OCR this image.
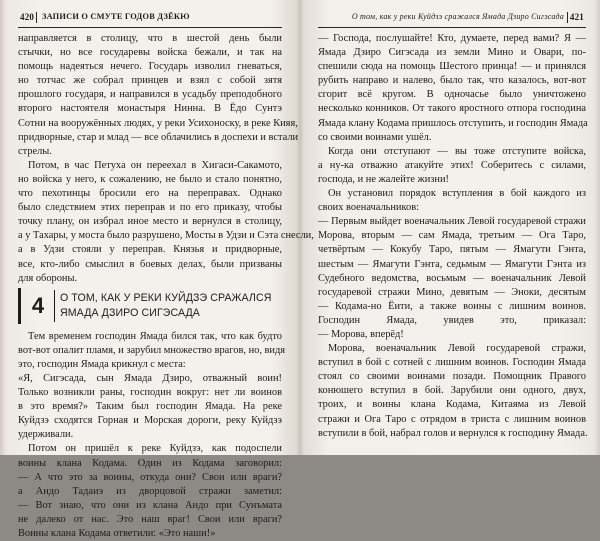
420 ЗАПИСИ О СМУТЕ ГОДОВ ДЗЁКЮ
направляется в столицу, что в шестой день были
стычки, но все государевы войска бежали, и так на
помощь надеяться нечего. Государь изволил гневаться,
но тотчас же собрал принцев и взял с собой зятя
прошлого государя, и направился в усадьбу преподобного
второго настоятеля монастыря Нинна. В Ёдо Сунтэ
Сотни на вооружённых людях, у реки Усихоноску, в реке Кияя,
придворные, стар и млад — все облачились в доспехи и встали
стрелы.
Потом, в час Петуха он переехал в Хигаси-Сакамото,
но войска у него, к сожалению, не было и стало понятно,
что пехотинцы бросили его на переправах. Однако
было следствием этих переправ и по его приказу, чтобы
точку плану, он избрал иное место и вернулся в столицу,
а у Тахары, у моста было разрушено, Мосты в Удзи и Сэта снесли,
а в Удзи стояли у переправ. Князья и придворные,
все, кто-либо смыслил в боевых делах, были призваны
для обороны.
4	О ТОМ, КАК У РЕКИ КУЙДЗЭ СРАЖАЛСЯ
ЯМАДА ДЗИРО СИГЭСАДА
Тем временем господин Ямада бился так, что как будто
вот-вот опалит пламя, и зарубил множество врагов, но, видя
это, господин Ямада крикнул с места:
«Я, Сигэсада, сын Ямада Дзиро, отважный воин!
Только возникли раны, господин вокруг: нет ли воинов
в это время?» Таким был господин Ямада. На реке
Куйдзэ сходятся Горная и Морская дороги, реку Куйдзэ
удерживали.
Потом он пришёл к реке Куйдзэ, как подоспели
воины клана Кодама. Один из Кодама заговорил:
— А что это за воины, откуда они? Свои или враги?
а Андо Тадаиэ из дворцовой стражи заметил:
— Вот знаю, что они из клана Андо при Сунъмата
не далеко от нас. Это наш враг! Свои или враги?
Воины клана Кодама ответили: «Это наши!»
О том, как у реки Куйдзэ сражался Ямада Дзиро Сигэсада 421
— Господа, послушайте! Кто, думаете, перед вами? Я —
Ямада Дзиро Сигэсада из земли Мино и Овари, по-
спешили сюда на помощь Шестого принца! — и принялся
рубить направо и налево, было так, что казалось, вот-вот
сгорит всё кругом. В одночасье было уничтожено
несколько конников. От такого яростного отпора господина
Ямада клану Кодама пришлось отступить, и господин Ямада
со своими воинами ушёл.
Когда они отступают — вы тоже отступите войска,
а ну-ка отважно атакуйте этих! Соберитесь с силами,
господа, и не жалейте жизни!
Он установил порядок вступления в бой каждого из
своих военачальников:
— Первым выйдет военачальник Левой государевой стражи
Морова, вторым — сам Ямада, третьим — Ога Таро,
четвёртым — Кокубу Таро, пятым — Ямагути Гэнта,
шестым — Ямагути Гэнта, седьмым — Ямагути Гэнта из
Судебного ведомства, восьмым — военачальник Левой
государевой стражи Мино, девятым — Эноки, десятым
— Кодама-но Ёити, а также воины с лишним воинов.
Господин Ямада, увидев это, приказал:
— Морова, вперёд!
Морова, военачальник Левой государевой стражи,
вступил в бой с сотней с лишним воинов. Господин Ямада
стоял со своими воинами позади. Помощник Правого
конюшего вступил в бой. Зарубили они одного, двух,
троих, и воины клана Кодама, Китаяма из Левой
стражи и Ога Таро с отрядом в триста с лишним воинов
вступили в бой, набрал голов и вернулся к господину Ямада.
